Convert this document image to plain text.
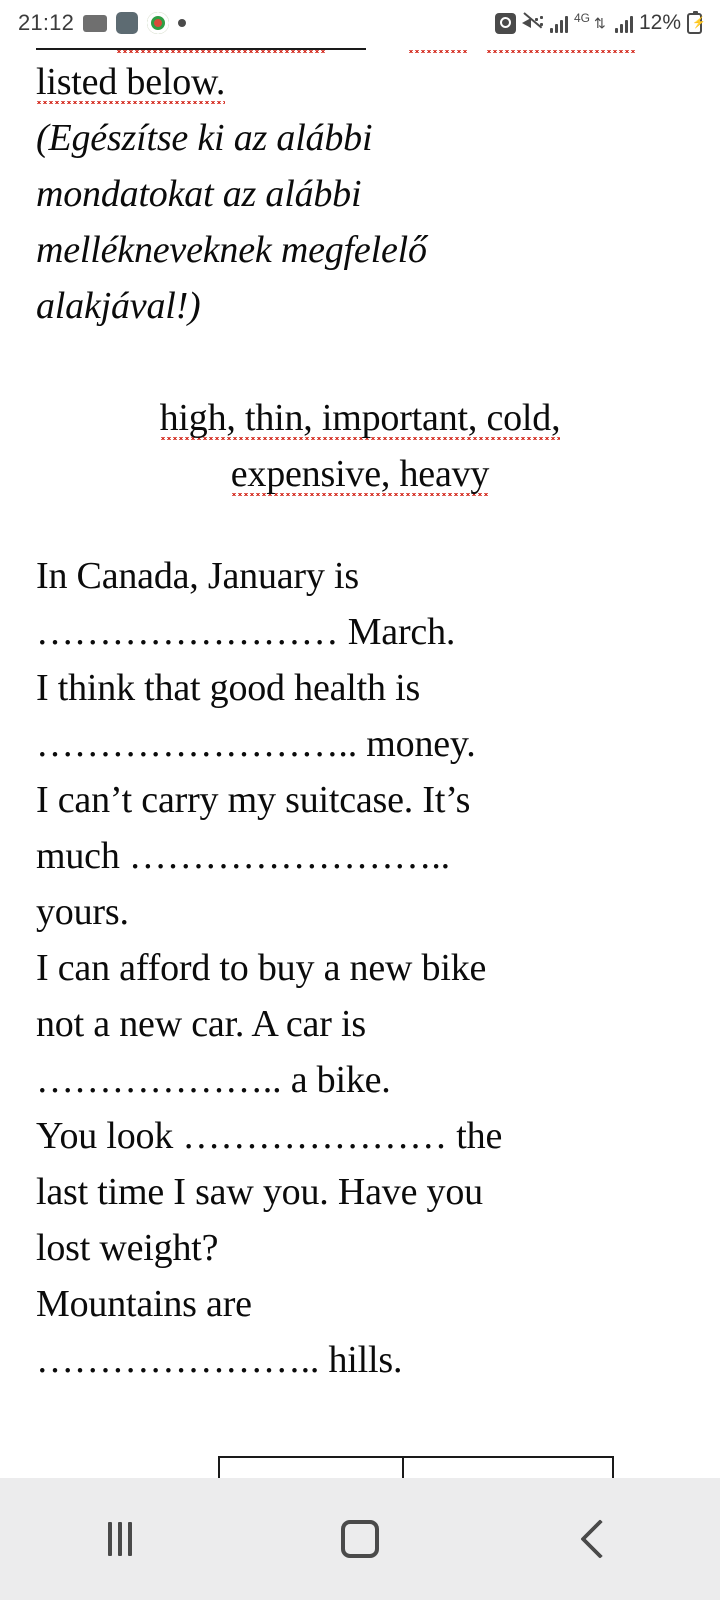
21:12	4G ⇅ 12% ⚡

listed below.

(Egészítse ki az alábbi

mondatokat az alábbi

mellékneveknek megfelelő

alakjával!)

high, thin, important, cold,

expensive, heavy

In Canada, January is

…………………… March.

I think that good health is

…………………….. money.

I can’t carry my suitcase. It’s

much ……………………..

yours.

I can afford to buy a new bike

not a new car. A car is

……………….. a bike.

You look ………………… the

last time I saw you. Have you

lost weight?

Mountains are

………………….. hills.
